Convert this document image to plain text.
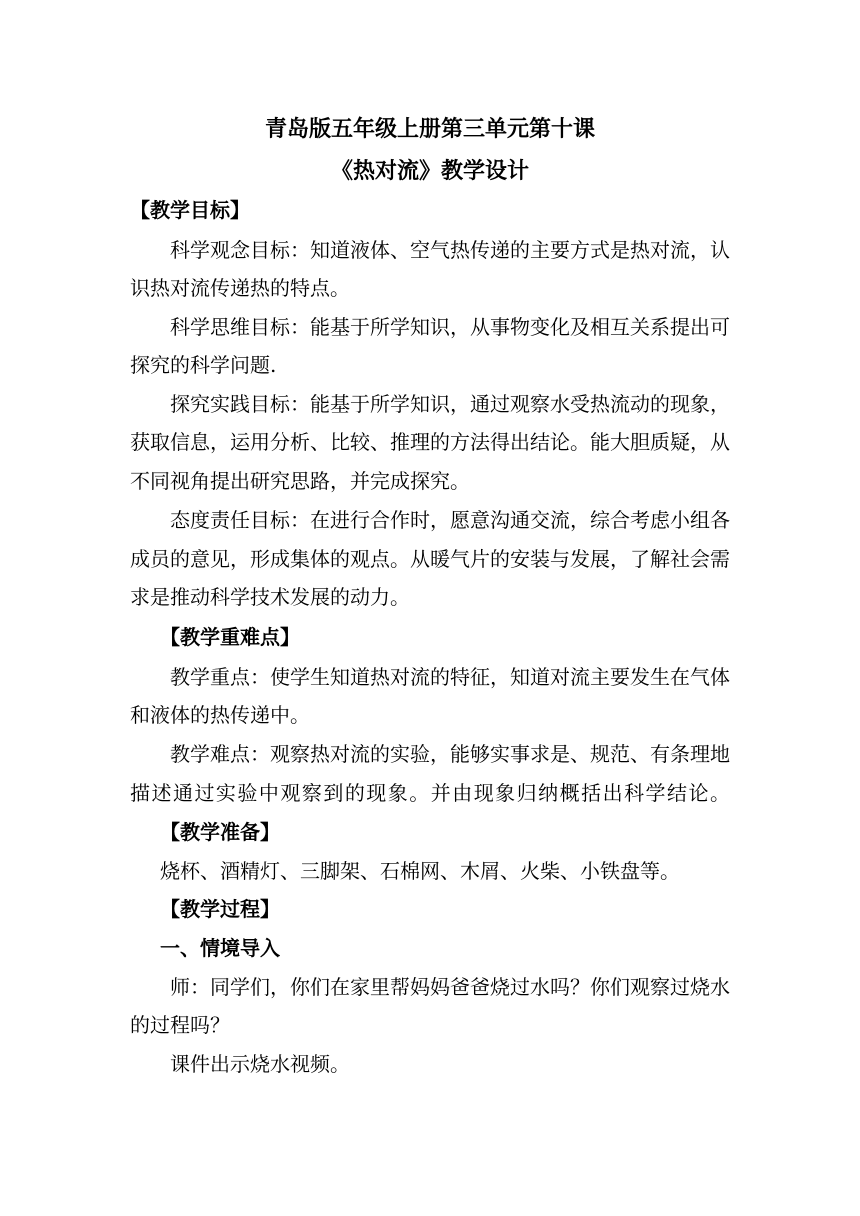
青岛版五年级上册第三单元第十课
《热对流》教学设计
【教学目标】
科学观念目标：知道液体、空气热传递的主要方式是热对流，认
识热对流传递热的特点。
科学思维目标：能基于所学知识，从事物变化及相互关系提出可
探究的科学问题.
探究实践目标：能基于所学知识，通过观察水受热流动的现象，
获取信息，运用分析、比较、推理的方法得出结论。能大胆质疑，从
不同视角提出研究思路，并完成探究。
态度责任目标：在进行合作时，愿意沟通交流，综合考虑小组各
成员的意见，形成集体的观点。从暖气片的安装与发展，了解社会需
求是推动科学技术发展的动力。
【教学重难点】
教学重点：使学生知道热对流的特征，知道对流主要发生在气体
和液体的热传递中。
教学难点：观察热对流的实验，能够实事求是、规范、有条理地
描述通过实验中观察到的现象。并由现象归纳概括出科学结论。
【教学准备】
烧杯、酒精灯、三脚架、石棉网、木屑、火柴、小铁盘等。
【教学过程】
一、情境导入
师：同学们，你们在家里帮妈妈爸爸烧过水吗？你们观察过烧水
的过程吗？
课件出示烧水视频。
